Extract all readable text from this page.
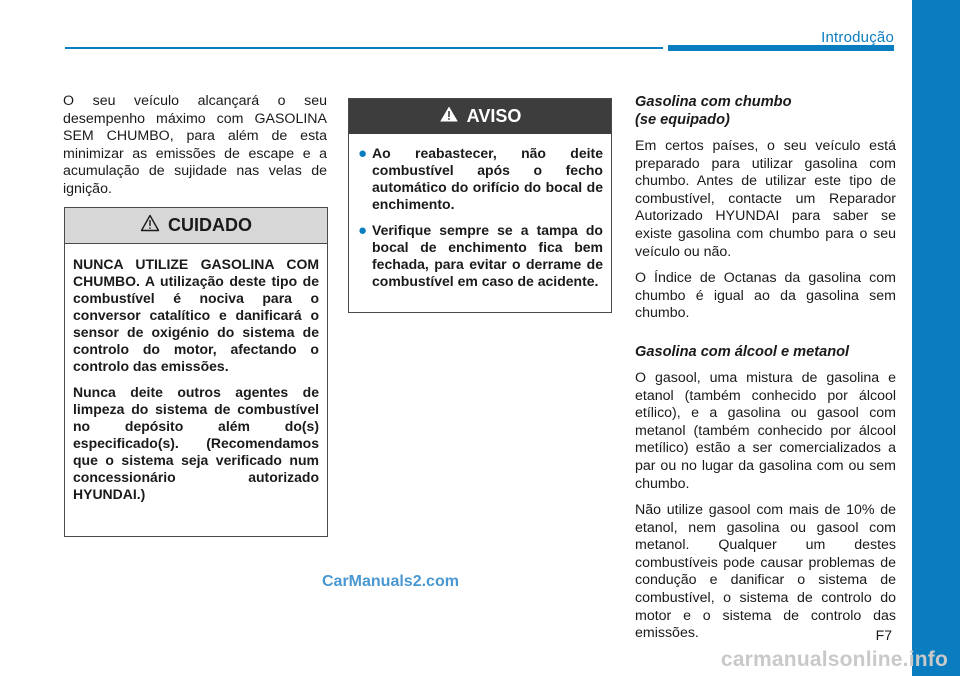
Introdução

O seu veículo alcançará o seu desempenho máximo com GASOLINA SEM CHUMBO, para além de esta minimizar as emissões de escape e a acumulação de sujidade nas velas de ignição.

CUIDADO

NUNCA UTILIZE GASOLINA COM CHUMBO. A utilização deste tipo de combustível é nociva para o conversor catalítico e danificará o sensor de oxigénio do sistema de controlo do motor, afectando o controlo das emissões.

Nunca deite outros agentes de limpeza do sistema de combustível no depósito além do(s) especificado(s). (Recomendamos que o sistema seja verificado num concessionário autorizado HYUNDAI.)

AVISO
● Ao reabastecer, não deite combustível após o fecho automático do orifício do bocal de enchimento.
● Verifique sempre se a tampa do bocal de enchimento fica bem fechada, para evitar o derrame de combustível em caso de acidente.
Gasolina com chumbo
(se equipado)

Em certos países, o seu veículo está preparado para utilizar gasolina com chumbo. Antes de utilizar este tipo de combustível, contacte um Reparador Autorizado HYUNDAI para saber se existe gasolina com chumbo para o seu veículo ou não.

O Índice de Octanas da gasolina com chumbo é igual ao da gasolina sem chumbo.

Gasolina com álcool e metanol

O gasool, uma mistura de gasolina e etanol (também conhecido por álcool etílico), e a gasolina ou gasool com metanol (também conhecido por álcool metílico) estão a ser comercializados a par ou no lugar da gasolina com ou sem chumbo.

Não utilize gasool com mais de 10% de etanol, nem gasolina ou gasool com metanol. Qualquer um destes combustíveis pode causar problemas de condução e danificar o sistema de combustível, o sistema de controlo do motor e o sistema de controlo das emissões.

CarManuals2.com
F7
carmanualsonline.info
